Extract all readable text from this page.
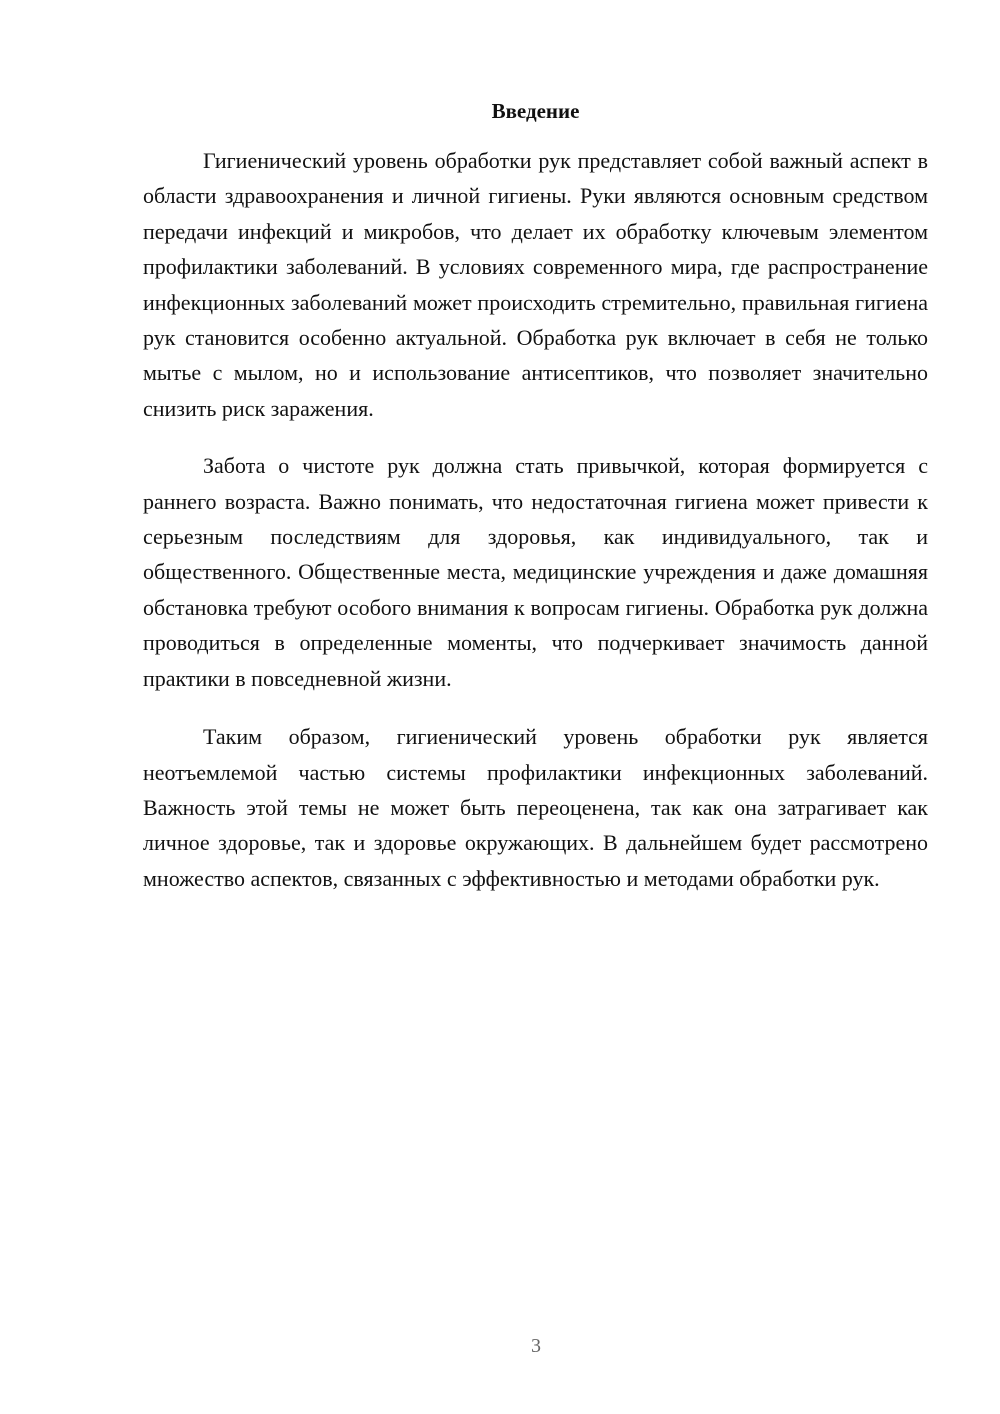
Введение

Гигиенический уровень обработки рук представляет собой важный аспект в области здравоохранения и личной гигиены. Руки являются основным средством передачи инфекций и микробов, что делает их обработку ключевым элементом профилактики заболеваний. В условиях современного мира, где распространение инфекционных заболеваний может происходить стремительно, правильная гигиена рук становится особенно актуальной. Обработка рук включает в себя не только мытье с мылом, но и использование антисептиков, что позволяет значительно снизить риск заражения.

Забота о чистоте рук должна стать привычкой, которая формируется с раннего возраста. Важно понимать, что недостаточная гигиена может привести к серьезным последствиям для здоровья, как индивидуального, так и общественного. Общественные места, медицинские учреждения и даже домашняя обстановка требуют особого внимания к вопросам гигиены. Обработка рук должна проводиться в определенные моменты, что подчеркивает значимость данной практики в повседневной жизни.

Таким образом, гигиенический уровень обработки рук является неотъемлемой частью системы профилактики инфекционных заболеваний. Важность этой темы не может быть переоценена, так как она затрагивает как личное здоровье, так и здоровье окружающих. В дальнейшем будет рассмотрено множество аспектов, связанных с эффективностью и методами обработки рук.

3
